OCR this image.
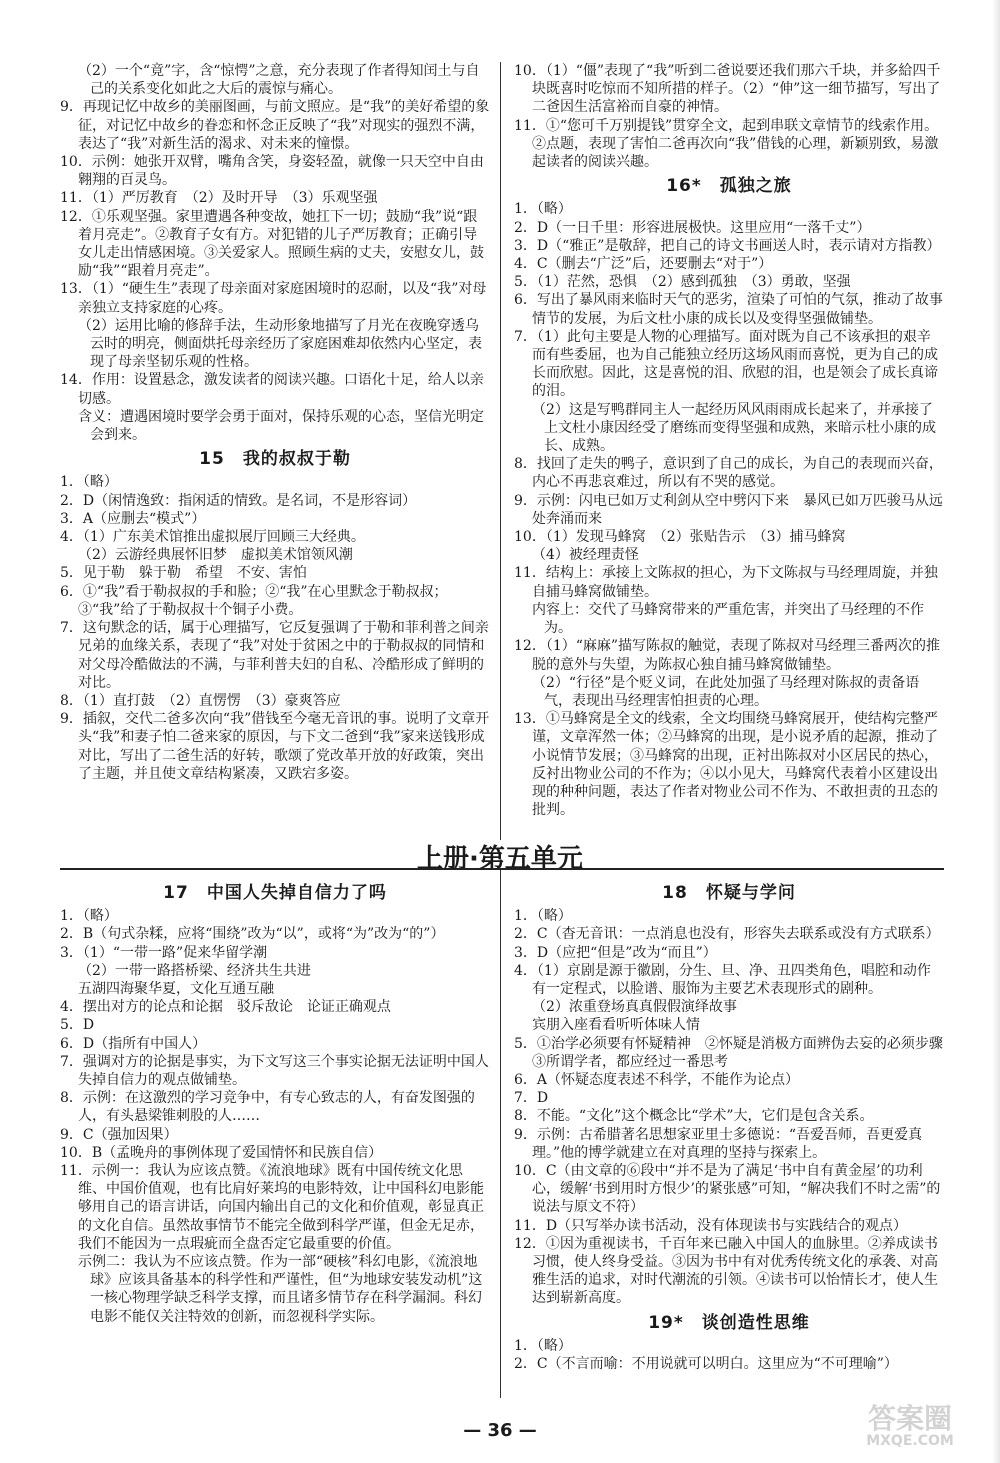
（2）一个“竟”字，含“惊愕”之意，充分表现了作者得知闰土与自己的关系变化如此之大后的震惊与痛心。
9．再现记忆中故乡的美丽图画，与前文照应。是“我”的美好希望的象征，对记忆中故乡的眷恋和怀念正反映了“我”对现实的强烈不满，表达了“我”对新生活的渴求、对未来的憧憬。
10．示例：她张开双臂，嘴角含笑，身姿轻盈，就像一只天空中自由翱翔的百灵鸟。
11．（1）严厉教育　（2）及时开导　（3）乐观坚强
12．①乐观坚强。家里遭遇各种变故，她扛下一切；鼓励“我”说“跟着月亮走”。②教育子女有方。对犯错的儿子严厉教育；正确引导女儿走出情感困境。③关爱家人。照顾生病的丈夫，安慰女儿，鼓励“我”“跟着月亮走”。
13．（1）“硬生生”表现了母亲面对家庭困境时的忍耐，以及“我”对母亲独立支持家庭的心疼。
（2）运用比喻的修辞手法，生动形象地描写了月光在夜晚穿透乌云时的明亮，侧面烘托母亲经历了家庭困难却依然内心坚定，表现了母亲坚韧乐观的性格。
14．作用：设置悬念，激发读者的阅读兴趣。口语化十足，给人以亲切感。
含义：遭遇困境时要学会勇于面对，保持乐观的心态，坚信光明定会到来。
15　我的叔叔于勒
1．（略）
2．D（闲情逸致：指闲适的情致。是名词，不是形容词）
3．A（应删去“模式”）
4．（1）广东美术馆推出虚拟展厅回顾三大经典。
（2）云游经典展怀旧梦　虚拟美术馆领风潮
5．见于勒　躲于勒　希望　不安、害怕
6．①“我”看于勒叔叔的手和脸；②“我”在心里默念于勒叔叔；③“我”给了于勒叔叔十个铜子小费。
7．这句默念的话，属于心理描写，它反复强调了于勒和菲利普之间亲兄弟的血缘关系，表现了“我”对处于贫困之中的于勒叔叔的同情和对父母冷酷做法的不满，与菲利普夫妇的自私、冷酷形成了鲜明的对比。
8．（1）直打鼓　（2）直愣愣　（3）豪爽答应
9．插叙，交代二爸多次向“我”借钱至今毫无音讯的事。说明了文章开头“我”和妻子怕二爸来家的原因，与下文二爸到“我”家来送钱形成对比，写出了二爸生活的好转，歌颂了党改革开放的好政策，突出了主题，并且使文章结构紧凑，又跌宕多姿。
10．（1）“僵”表现了“我”听到二爸说要还我们那六千块，并多給四千块既喜时吃惊而不知所措的样子。（2）“伸”这一细节描写，写出了二爸因生活富裕而自豪的神情。
11．①“您可千万别提钱”贯穿全文，起到串联文章情节的线索作用。②点题，表现了害怕二爸再次向“我”借钱的心理，新颖别致，易激起读者的阅读兴趣。
16*　孤独之旅
1．（略）
2．D（一日千里：形容进展极快。这里应用“一落千丈”）
3．D（“雅正”是敬辞，把自己的诗文书画送人时，表示请对方指教）
4．C（删去“广泛”后，还要删去“对于”）
5．（1）茫然，恐惧　（2）感到孤独　（3）勇敢，坚强
6．写出了暴风雨来临时天气的恶劣，渲染了可怕的气氛，推动了故事情节的发展，为后文杜小康的成长以及变得坚强做铺垫。
7．（1）此句主要是人物的心理描写。面对既为自己不该承担的艰辛而有些委屈，也为自己能独立经历这场风雨而喜悦，更为自己的成长而欣慰。因此，这是喜悦的泪、欣慰的泪，也是领会了成长真谛的泪。
（2）这是写鸭群同主人一起经历风风雨雨成长起来了，并承接了上文杜小康因经受了磨练而变得坚强和成熟，来暗示杜小康的成长、成熟。
8．找回了走失的鸭子，意识到了自己的成长，为自己的表现而兴奋，内心不再悲哀难过，所以有不哭的感觉。
9．示例：闪电已如万丈利剑从空中劈闪下来　暴风已如万匹骏马从远处奔涌而来
10．（1）发现马蜂窝　（2）张贴告示　（3）捕马蜂窝
（4）被经理责怪
11．结构上：承接上文陈叔的担心，为下文陈叔与马经理周旋，并独自捕马蜂窝做铺垫。
内容上：交代了马蜂窝带来的严重危害，并突出了马经理的不作为。
12．（1）“麻麻”描写陈叔的触觉，表现了陈叔对马经理三番两次的推脱的意外与失望，为陈叔心独自捕马蜂窝做铺垫。
（2）“行径”是个贬义词，在此处加强了马经理对陈叔的责备语气，表现出马经理害怕担责的心理。
13．①马蜂窝是全文的线索，全文均围绕马蜂窝展开，使结构完整严谨，文章浑然一体；②马蜂窝的出现，是小说矛盾的起源，推动了小说情节发展；③马蜂窝的出现，正衬出陈叔对小区居民的热心，反衬出物业公司的不作为；④以小见大，马蜂窝代表着小区建设出现的种种问题，表达了作者对物业公司不作为、不敢担责的丑态的批判。
上册·第五单元
17　中国人失掉自信力了吗
1．（略）
2．B（句式杂糅，应将“围绕”改为“以”，或将“为”改为“的”）
3．（1）“一带一路”促来华留学潮
（2）一带一路搭桥梁、经济共生共进
五湖四海聚华夏，文化互通互融
4．摆出对方的论点和论据　驳斥敌论　论证正确观点
5．D
6．D（指所有中国人）
7．强调对方的论据是事实，为下文写这三个事实论据无法证明中国人失掉自信力的观点做铺垫。
8．示例：在这激烈的学习竞争中，有专心致志的人，有奋发图强的人，有头悬梁锥刺股的人……
9．C（强加因果）
10．B（孟晚舟的事例体现了爱国情怀和民族自信）
11．示例一：我认为应该点赞。《流浪地球》既有中国传统文化思维、中国价值观，也有比肩好莱坞的电影特效，让中国科幻电影能够用自己的语言讲话，向国内输出自己的文化和价值观，彰显真正的文化自信。虽然故事情节不能完全做到科学严谨，但金无足赤，我们不能因为一点瑕疵而全盘否定它最重要的价值。
示例二：我认为不应该点赞。作为一部“硬核”科幻电影，《流浪地球》应该具备基本的科学性和严谨性，但“为地球安装发动机”这一核心物理学缺乏科学支撑，而且诸多情节存在科学漏洞。科幻电影不能仅关注特效的创新，而忽视科学实际。
18　怀疑与学问
1．（略）
2．C（杳无音讯：一点消息也没有，形容失去联系或没有方式联系）
3．D（应把“但是”改为“而且”）
4．（1）京剧是源于徽剧，分生、旦、净、丑四类角色，唱腔和动作有一定程式，以脸谱、服饰为主要艺术表现形式的剧种。
（2）浓重登场真真假假演绎故事
宾朋入座看看听听体味人情
5．①治学必须要有怀疑精神　②怀疑是消极方面辨伪去妄的必须步骤　③所谓学者，都应经过一番思考
6．A（怀疑态度表述不科学，不能作为论点）
7．D
8．不能。“文化”这个概念比“学术”大，它们是包含关系。
9．示例：古希腊著名思想家亚里士多德说：“吾爱吾师，吾更爱真理。”他的博学就建立在对真理的坚持与探索上。
10．C（由文章的⑥段中“并不是为了满足‘书中自有黄金屋’的功利心，缓解‘书到用时方恨少’的紧张感”可知，“解决我们不时之需”的说法与原文不符）
11．D（只写举办读书活动，没有体现读书与实践结合的观点）
12．①因为重视读书，千百年来已融入中国人的血脉里。②养成读书习惯，使人终身受益。③因为书中有对优秀传统文化的承袭、对高雅生活的追求，对时代潮流的引领。④读书可以怡情长才，使人生达到崭新高度。
19*　谈创造性思维
1．（略）
2．C（不言而喻：不用说就可以明白。这里应为“不可理喻”）
— 36 —	答案圈
MXQE.COM
